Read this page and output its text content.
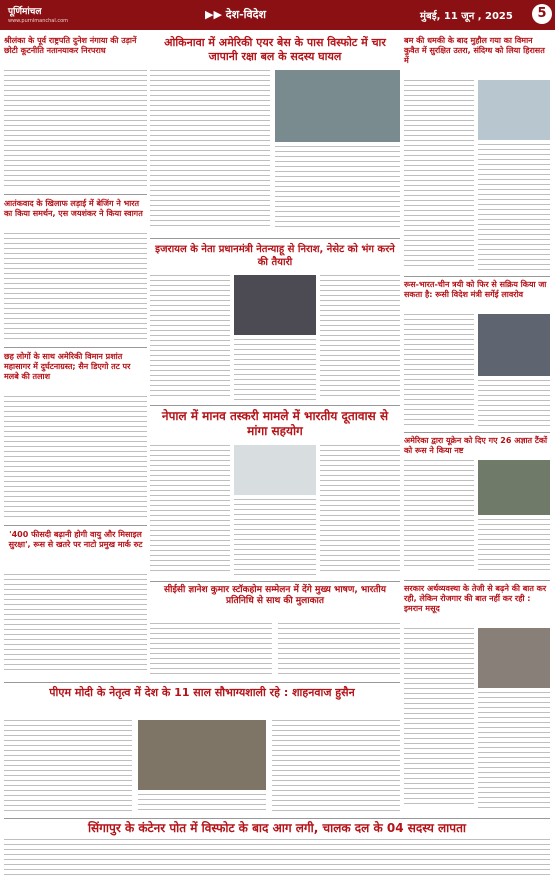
पूर्णिमांचल
www.purnimanchal.com	▶▶ देश-विदेश	मुंबई, 11 जून , 2025	5
श्रीलंका के पूर्व राष्ट्रपति दुनेश नंगाया की उड़ानें छोटी कूटनीति नतानयाकर निरपराध
आतंकवाद के खिलाफ लड़ाई में बेजिंग ने भारत का किया समर्थन, एस जयशंकर ने किया स्वागत
छह लोगों के साथ अमेरिकी विमान प्रशांत महासागर में दुर्घटनाग्रस्त; सैन डिएगो तट पर मलबे की तलाश
'400 फीसदी बढ़ानी होगी वायु और मिसाइल सुरक्षा', रूस से खतरे पर नाटो प्रमुख मार्क रुट
ओकिनावा में अमेरिकी एयर बेस के पास विस्फोट में चार जापानी रक्षा बल के सदस्य घायल
इजरायल के नेता प्रधानमंत्री नेतन्याहू से निराश, नेसेट को भंग करने की तैयारी
बम की धमकी के बाद मुहौल गया का विमान कुवैत में सुरक्षित उतरा, संदिग्ध को लिया हिरासत में
रूस-भारत-चीन त्रयी को फिर से सक्रिय किया जा सकता है: रूसी विदेश मंत्री सर्गेई लावरोव
अमेरिका द्वारा यूक्रेन को दिए गए 26 अज्ञात टैंकों को रूस ने किया नष्ट
नेपाल में मानव तस्करी मामले में भारतीय दूतावास से मांगा सहयोग
सीईसी ज्ञानेश कुमार स्टॉकहोम सम्मेलन में देंगे मुख्य भाषण, भारतीय प्रतिनिधि से साथ की मुलाकात
सरकार अर्थव्यवस्था के तेजी से बढ़ने की बात कर रही, लेकिन रोजगार की बात नहीं कर रही : इमरान मसूद
पीएम मोदी के नेतृत्व में देश के 11 साल सौभाग्यशाली रहे : शाहनवाज हुसैन
सिंगापुर के कंटेनर पोत में विस्फोट के बाद आग लगी, चालक दल के 04 सदस्य लापता
